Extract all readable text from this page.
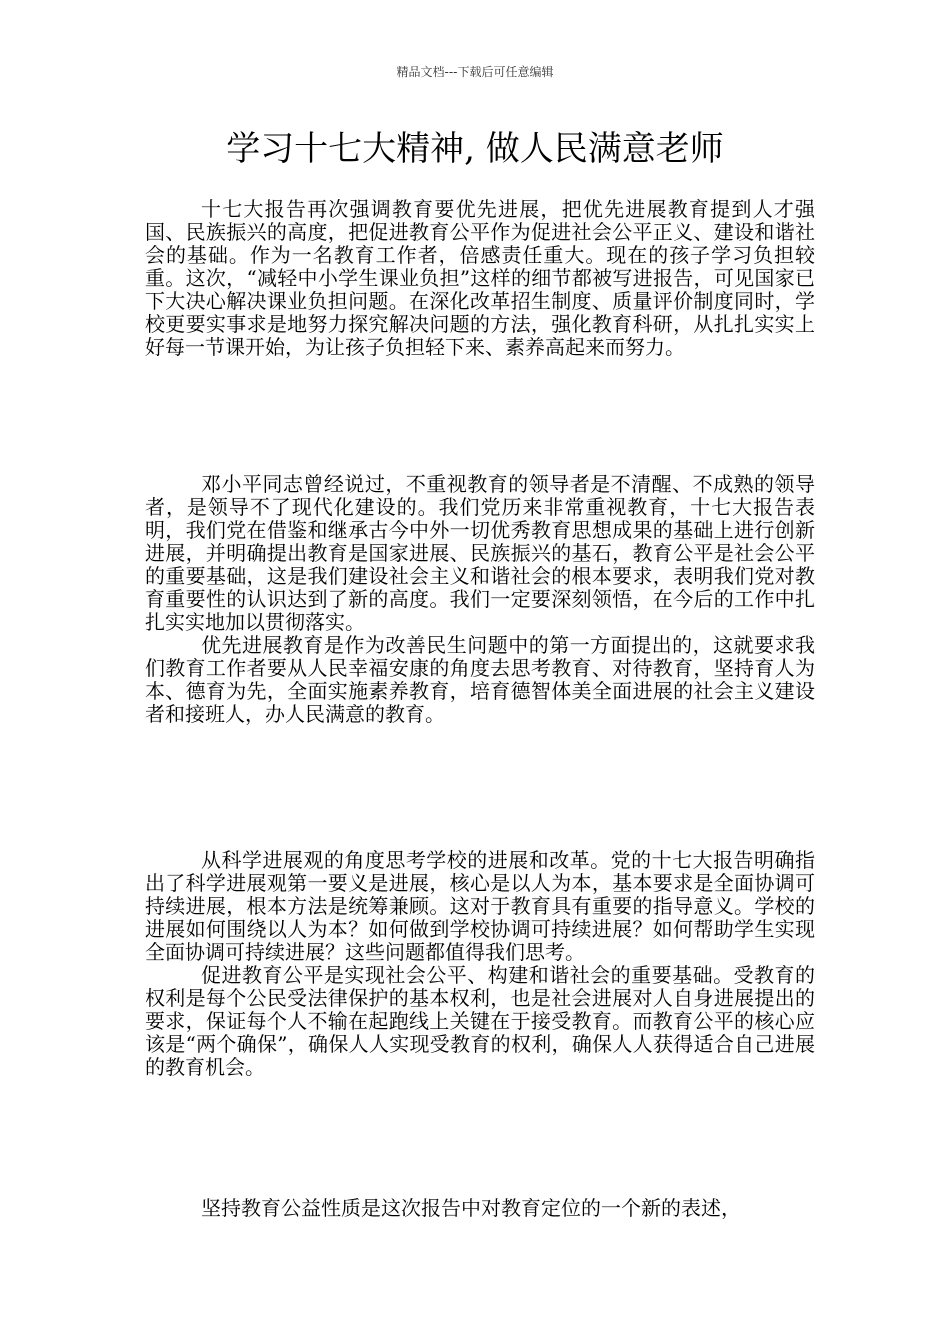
精品文档---下载后可任意编辑
学习十七大精神, 做人民满意老师

十七大报告再次强调教育要优先进展，把优先进展教育提到人才强国、民族振兴的高度，把促进教育公平作为促进社会公平正义、建设和谐社会的基础。作为一名教育工作者，倍感责任重大。现在的孩子学习负担较重。这次，“减轻中小学生课业负担”这样的细节都被写进报告，可见国家已下大决心解决课业负担问题。在深化改革招生制度、质量评价制度同时，学校更要实事求是地努力探究解决问题的方法，强化教育科研，从扎扎实实上好每一节课开始，为让孩子负担轻下来、素养高起来而努力。

邓小平同志曾经说过，不重视教育的领导者是不清醒、不成熟的领导者，是领导不了现代化建设的。我们党历来非常重视教育，十七大报告表明，我们党在借鉴和继承古今中外一切优秀教育思想成果的基础上进行创新进展，并明确提出教育是国家进展、民族振兴的基石，教育公平是社会公平的重要基础，这是我们建设社会主义和谐社会的根本要求，表明我们党对教育重要性的认识达到了新的高度。我们一定要深刻领悟，在今后的工作中扎扎实实地加以贯彻落实。

优先进展教育是作为改善民生问题中的第一方面提出的，这就要求我们教育工作者要从人民幸福安康的角度去思考教育、对待教育，坚持育人为本、德育为先，全面实施素养教育，培育德智体美全面进展的社会主义建设者和接班人，办人民满意的教育。

从科学进展观的角度思考学校的进展和改革。党的十七大报告明确指出了科学进展观第一要义是进展，核心是以人为本，基本要求是全面协调可持续进展，根本方法是统筹兼顾。这对于教育具有重要的指导意义。学校的进展如何围绕以人为本？如何做到学校协调可持续进展？如何帮助学生实现全面协调可持续进展？这些问题都值得我们思考。

促进教育公平是实现社会公平、构建和谐社会的重要基础。受教育的权利是每个公民受法律保护的基本权利，也是社会进展对人自身进展提出的要求，保证每个人不输在起跑线上关键在于接受教育。而教育公平的核心应该是“两个确保”，确保人人实现受教育的权利，确保人人获得适合自己进展的教育机会。

坚持教育公益性质是这次报告中对教育定位的一个新的表述，
